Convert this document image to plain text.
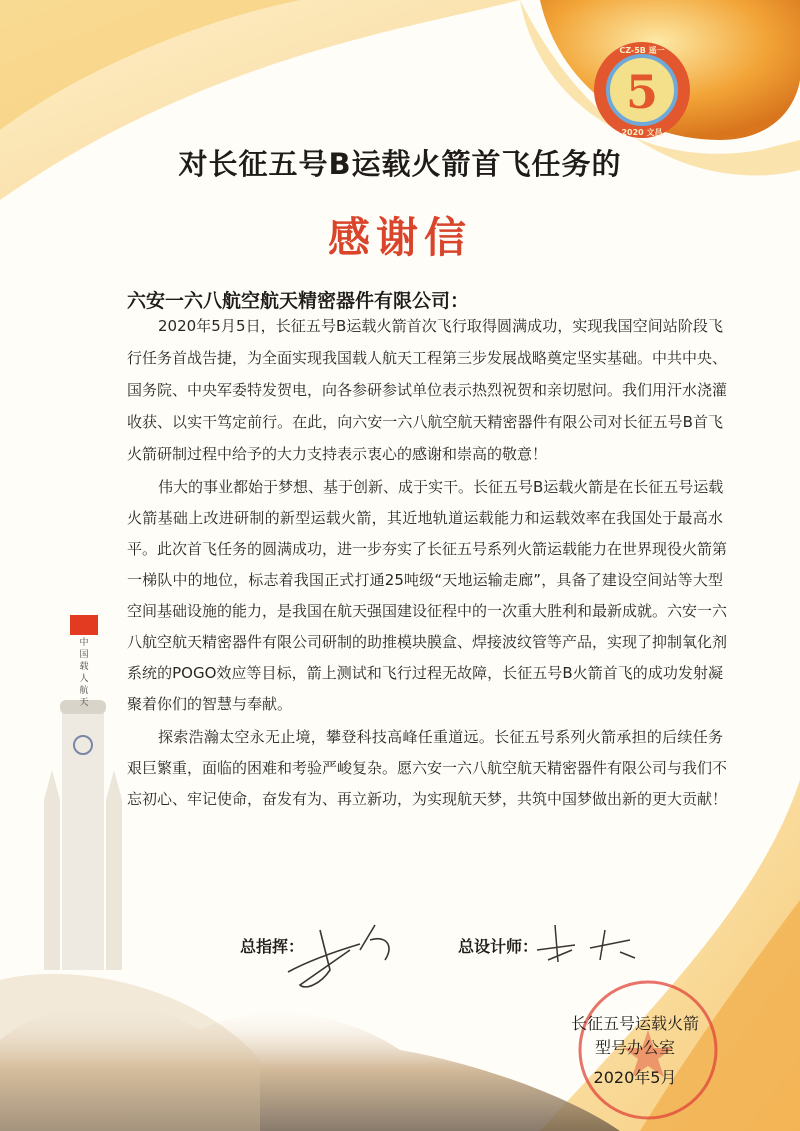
5
CZ-5B 遥一
2020 文昌
中国载人航天
对长征五号B运载火箭首飞任务的
感谢信
六安一六八航空航天精密器件有限公司：
2020年5月5日，长征五号B运载火箭首次飞行取得圆满成功，实现我国空间站阶段飞
行任务首战告捷，为全面实现我国载人航天工程第三步发展战略奠定坚实基础。中共中央、
国务院、中央军委特发贺电，向各参研参试单位表示热烈祝贺和亲切慰问。我们用汗水浇灌
收获、以实干笃定前行。在此，向六安一六八航空航天精密器件有限公司对长征五号B首飞
火箭研制过程中给予的大力支持表示衷心的感谢和崇高的敬意！
伟大的事业都始于梦想、基于创新、成于实干。长征五号B运载火箭是在长征五号运载
火箭基础上改进研制的新型运载火箭，其近地轨道运载能力和运载效率在我国处于最高水
平。此次首飞任务的圆满成功，进一步夯实了长征五号系列火箭运载能力在世界现役火箭第
一梯队中的地位，标志着我国正式打通25吨级“天地运输走廊”，具备了建设空间站等大型
空间基础设施的能力，是我国在航天强国建设征程中的一次重大胜利和最新成就。六安一六
八航空航天精密器件有限公司研制的助推模块膜盒、焊接波纹管等产品，实现了抑制氧化剂
系统的POGO效应等目标，箭上测试和飞行过程无故障，长征五号B火箭首飞的成功发射凝
聚着你们的智慧与奉献。
探索浩瀚太空永无止境，攀登科技高峰任重道远。长征五号系列火箭承担的后续任务
艰巨繁重，面临的困难和考验严峻复杂。愿六安一六八航空航天精密器件有限公司与我们不
忘初心、牢记使命，奋发有为、再立新功，为实现航天梦，共筑中国梦做出新的更大贡献！
总指挥：	总设计师：
长征五号运载火箭
型号办公室
2020年5月
